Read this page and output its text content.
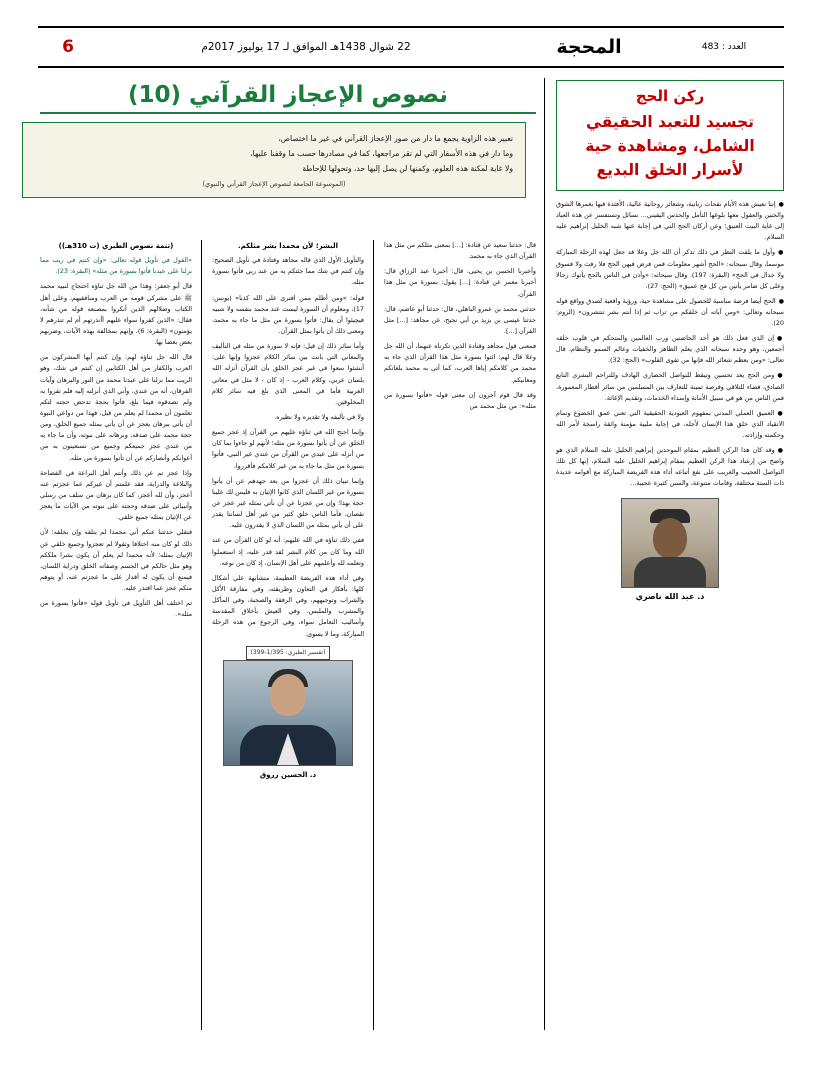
العدد : 483
المحجة
22 شوال 1438هـ الموافق لـ 17 يوليوز 2017م
6
ركن الحج
تجسيد للتعبد الحقيقي الشامل، ومشاهدة حية لأسرار الخلق البديع

● إننا نعيش هذه الأيام نفحات ربانية، وشعائر روحانية عالية، الأفئدة فيها يغمرها الشوق والحنين والعقول معها بلوغها التأمل والحدس اليقيني... نسائل ونستفسر عن هذه العباد إلى غاية البيت العتيق؛ وعن أركان الحج التي في إجابة عنها شبه الخليل إبراهيم عليه السلام.

● وأول ما يلفت النظر في ذلك تذكر أن الله جل وعلا قد جعل لهذه الرحلة المباركة موسما، وقال سبحانه: «الحج أشهر معلومات فمن فرض فيهن الحج فلا رفث ولا فسوق ولا جدال في الحج» (البقرة: 197). وقال سبحانه: «وأذن في الناس بالحج يأتوك رجالا وعلى كل ضامر يأتين من كل فج عميق» (الحج: 27).

● الحج أيضا فرصة مناسبة للحصول على مشاهدة حية، ورؤية واقعية لصدق وواقع قوله سبحانه وتعالى: «ومن آياته أن خلقكم من تراب ثم إذا أنتم بشر تنتشرون» (الروم: 20).

● إن الذي فعل ذلك هو أحد الحاضنين ورب العالمين والمتحكم في قلوب خلقه أجمعين، وهو وحده سبحانه الذي يعلم الظاهر والخفيات وعالم السمو والنظام، قال تعالى: «ومن يعظم شعائر الله فإنها من تقوى القلوب» (الحج: 32).

● ومن الحج يعد تحسين وتيقظ للتواصل الحضاري الهادف وللتراحم البشري النابع الصادق، فضاء للتلاقي وفرصة ثمينة للتعارف بين المسلمين من سائر أقطار المعمورة، فمن الناس من هو في سبيل الأمانة وإسداء الخدمات، وتقديم الإغاثة.

● العميق العملي المدني بمفهوم العبودية الحقيقية التي تعني عمق الخضوع وتمام الانقياد الذي خلق هذا الإنسان لأجله، في إجابة ملبية مؤمنة واثقة راسخة لأمر الله وحكمته وإرادته.

● وقد كان هذا الركن العظيم بمقام الموحدين إبراهيم الخليل عليه السلام الذي هو واضح من إرشاد هذا الركن العظيم بمقام إبراهيم الخليل عليه السلام، إنها كل تلك التواصل العجيب والغريب على نفع أتباعه أداء هذه الفريضة المباركة مع أقوامه عديدة ذات السنة مختلفة، وقامات متنوعة، والسنن كثيرة عجيبة...

د. عبد الله ناصري
نصوص الإعجاز القرآني (10)
تعبير هذه الزاوية يجمع ما دار من صور الإعجاز القرآني في غير ما اختصاص،
وما دار في هذه الأسفار التي لم تقر مراجعها، كما في مصادرها حسب ما وقفنا عليها،
ولا غاية لمكنة هذه العلوم، وكمنها لن يصل إليها حد، وتحولها للإحاطة
(الموسوعة الجامعة لنصوص الإعجاز القرآني والنبوي)
(تتمة نصوص الطبري (ت 310هـ))

«القول في تأويل قوله تعالى: «وإن كنتم في ريب مما نزلنا على عبدنا فأتوا بسورة من مثله» (البقرة: 23).

قال أبو جعفر: وهذا من الله جل ثناؤه احتجاج لنبيه محمد ﷺ على مشركي قومه من العرب ومنافقيهم، وعلى أهل الكتاب وضلالهم الذين أنكروا بمصنعه قوله من شأنه، فقال: «الذين كفروا سواء عليهم أأنذرتهم أم لم تنذرهم لا يؤمنون» (البقرة: 6)، وإنهم بمخالفة بهذه الآيات، وضربهم بعض بعضا بها.

قال الله جل ثناؤه لهم: وإن كنتم أيها المشركون من العرب والكفار من أهل الكتابين إن كنتم في شك، وهو الريب مما نزلنا على عبدنا محمد من النور والبرهان وآيات الفرقان، أنه من عندي، وأني الذي أنزلته إليه فلم تقروا به ولم تصدقوه فيما بلغ، فأتوا بحجة تدحض حجته لتكم تعلمون أن محمدا لم يعلم من قبل، فهذا من دواعي النبوة أن يأتي ببرهان يعجز عن أن يأتي بمثله جميع الخلق، ومن حجة محمد على صدقه، وبرهانه على نبوته، وأن ما جاء به من عندي عجز جميعكم وجميع من تستعينون به من أعوانكم وأنصاركم عن أن تأتوا بسورة من مثله.

وإذا عجز تم عن ذلك وأنتم أهل البراعة في الفصاحة والبلاغة والدراية، فقد علمتم أن غيركم عما عجزتم عنه أعجز، وأن لله أعجز، كما كان برهان من سلف من رسلي وأنبيائي على صدقه وحجته على نبوته من الآيات ما يعجز عن الإتيان بمثله جميع خلقي.

فنقلي حدثتنا عنكم أني محمدا لم يتلقه وإن بخلقه؛ لأن ذلك لو كان منه اختلافا وتقولا لم تعجزوا وجميع خلقي عن الإتيان بمثله؛ لأنه محمدا لم يعلم أن يكون بشرا ملككم وهو مثل حالكم في الجسم وصفاته الخلق ودراية اللسان، فيمنع أن يكون له أقدار على ما عجزتم عنه، أو يتوهم منكم عجز عما اقتدر عليه.

ثم اختلف أهل التأويل في تأويل قوله «فأتوا بسورة من مثله».

البشر؛ لأن محمدا بشر مثلكم.

والتأويل الأول الذي قاله مجاهد وقتادة في تأويل الصحيح: وإن كنتم في شك مما جئتكم به من عند ربي فأتوا بسورة مثله.

قوله: «ومن أظلم ممن افترى على الله كذبا» (يونس: 17)، ومعلوم أن السورة ليست عند محمد بنفسه ولا شبيه فيجيئوا أن يقال: فأتوا بسورة من مثل ما جاء به محمد، ومعنى ذلك أن يأتوا بمثل القرآن.

وأما سائر ذلك إن قيل: فإنه لا سورة من مثله في التأليف والمعاني التي بانت بين سائر الكلام عجزوا وإنها على: أنشئوا سعوا في غير عجز الخلق بأن القرآن أنزله الله بلسان عربي، وكلام العرب - إذ كان - لا مثل في معاني العربية فأما في المعنى الذي بلغ فيه سائر كلام المخلوقين.

ولا في تأليفه ولا تقديره ولا نظيره.

وإنما احتج الله في ثناؤه عليهم من القرآن إذ عجز جميع الخلق عن أن يأتوا بسورة من مثله؛ لأنهم لو جاءوا بما كان من أنزله على عبدي من القرآن من عندي غير النبي، فأتوا بسورة من مثل ما جاء به من غير كلامكم فأقرروا.

وإنما تبيان ذلك أن عجزوا من بعد جهدهم عن أن يأتوا بسورة من غير اللسان الذي كانوا الإتيان به فليس لك علينا حجة بهذا؛ وإن من عجزنا عن أن نأتي بمثله غير عجز عن نقصان، فأما الناس خلق كثير من غير أهل لساننا يقدر على أن يأتي بمثله من اللسان الذي لا يقدرون عليه.

ففي ذلك ثناؤه في الله عليهم: أنه لو كان القرآن من عند الله وما كان من كلام البشر لقد قدر عليه، إذ استعملوا وتعلمه لله وأعلمهم على أهل الإنسان، إذ كان من نوعه.

وفي أداء هذه الفريضة العظيمة، متشابهة على أشكال كلها: بأفكار في التعاون وطريقته، وفي مفارقة الأكل والشراب وتوجيههم، وفي الرفقة والصحبة، وفي المأكل والمشرب والملبس، وفي العيش بأخلاق المقدسة وأساليب التعامل سواء، وفي الرجوع من هذه الرحلة المباركة، وما لا يسوى.

(تفسير الطبري: 1/395-399)
د. الحسين زروق

قال: حدثنا سعيد عن قتادة: [...] بمعنى مثلكم من مثل هذا القرآن الذي جاء به محمد.

وأخبرنا الحسن بن يحيى، قال: أخبرنا عبد الرزاق قال: أخبرنا معمر عن قتادة: [...] يقول: بسورة من مثل هذا القرآن.

حدثني محمد بن عمرو الباهلي، قال: حدثنا أبو عاصم، قال: حدثنا عيسى بن يزيد بن أبي نجيح، عن مجاهد: [...] مثل القرآن [...].

فمعنى قول مجاهد وقتادة الذين تكرناه عنهما، أن الله جل وعلا قال لهم: ائتوا بسورة مثل هذا القرآن الذي جاء به محمد من كلامكم إياها العرب، كما أتى به محمد بلغاتكم ومعانيكم.

وقد قال قوم آخرون إن معنى قوله «فأتوا بسورة من مثله»: من مثل محمد من
